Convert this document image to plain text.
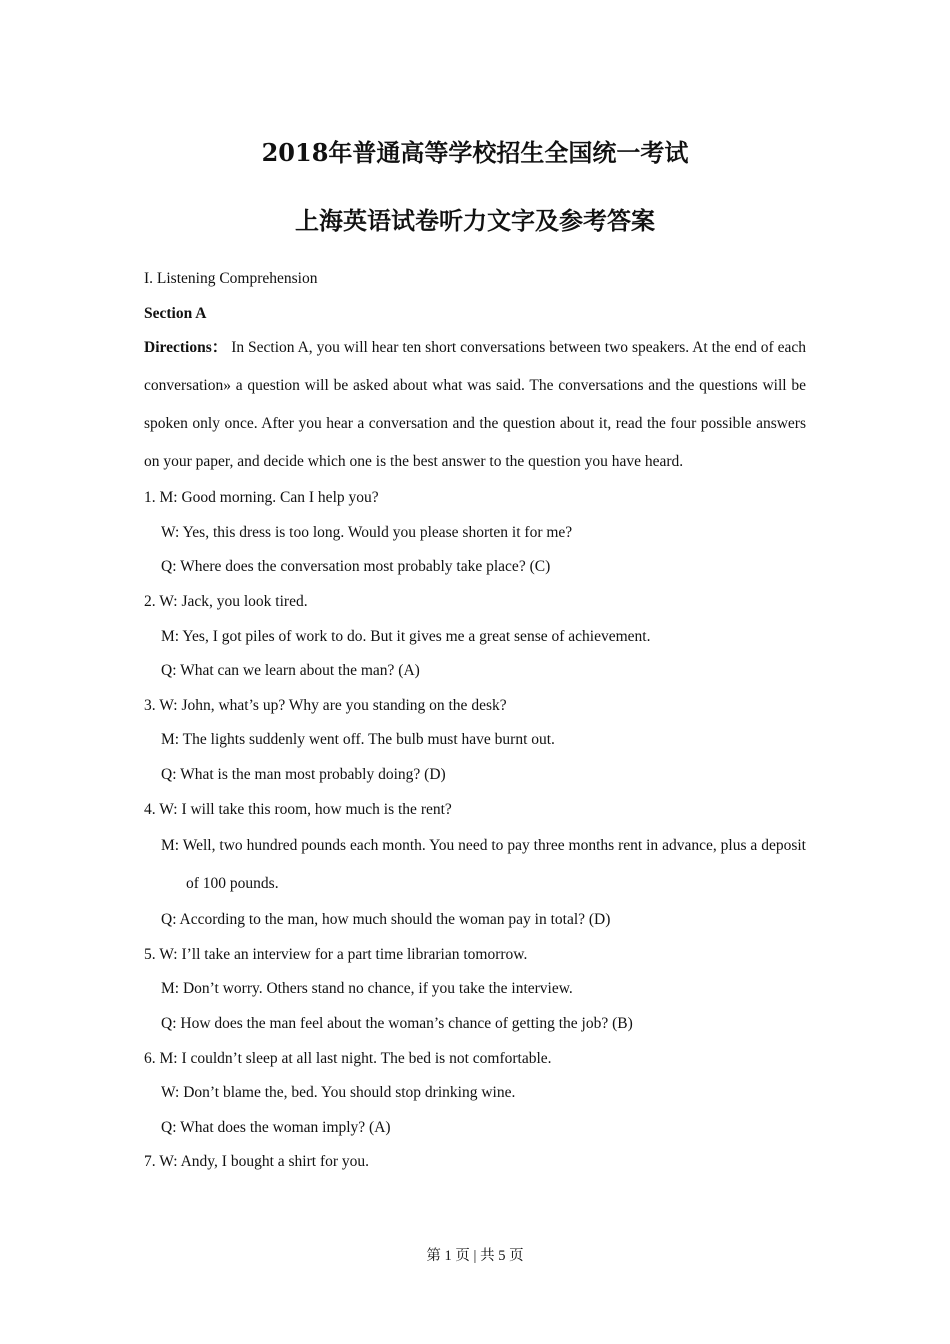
2018年普通高等学校招生全国统一考试
上海英语试卷听力文字及参考答案
I. Listening Comprehension
Section A
Directions： In Section A, you will hear ten short conversations between two speakers. At the end of each conversation» a question will be asked about what was said. The conversations and the questions will be spoken only once. After you hear a conversation and the question about it, read the four possible answers on your paper, and decide which one is the best answer to the question you have heard.
1. M: Good morning. Can I help you?
W: Yes, this dress is too long. Would you please shorten it for me?
Q: Where does the conversation most probably take place? (C)
2. W: Jack, you look tired.
M: Yes, I got piles of work to do. But it gives me a great sense of achievement.
Q: What can we learn about the man? (A)
3. W: John, what’s up? Why are you standing on the desk?
M: The lights suddenly went off. The bulb must have burnt out.
Q: What is the man most probably doing? (D)
4. W: I will take this room, how much is the rent?
M: Well, two hundred pounds each month. You need to pay three months rent in advance, plus a deposit of 100 pounds.
Q: According to the man, how much should the woman pay in total? (D)
5. W: I’ll take an interview for a part time librarian tomorrow.
M: Don’t worry. Others stand no chance, if you take the interview.
Q: How does the man feel about the woman’s chance of getting the job? (B)
6. M: I couldn’t sleep at all last night. The bed is not comfortable.
W: Don’t blame the, bed. You should stop drinking wine.
Q: What does the woman imply? (A)
7. W: Andy, I bought a shirt for you.
第 1 页 | 共 5 页
